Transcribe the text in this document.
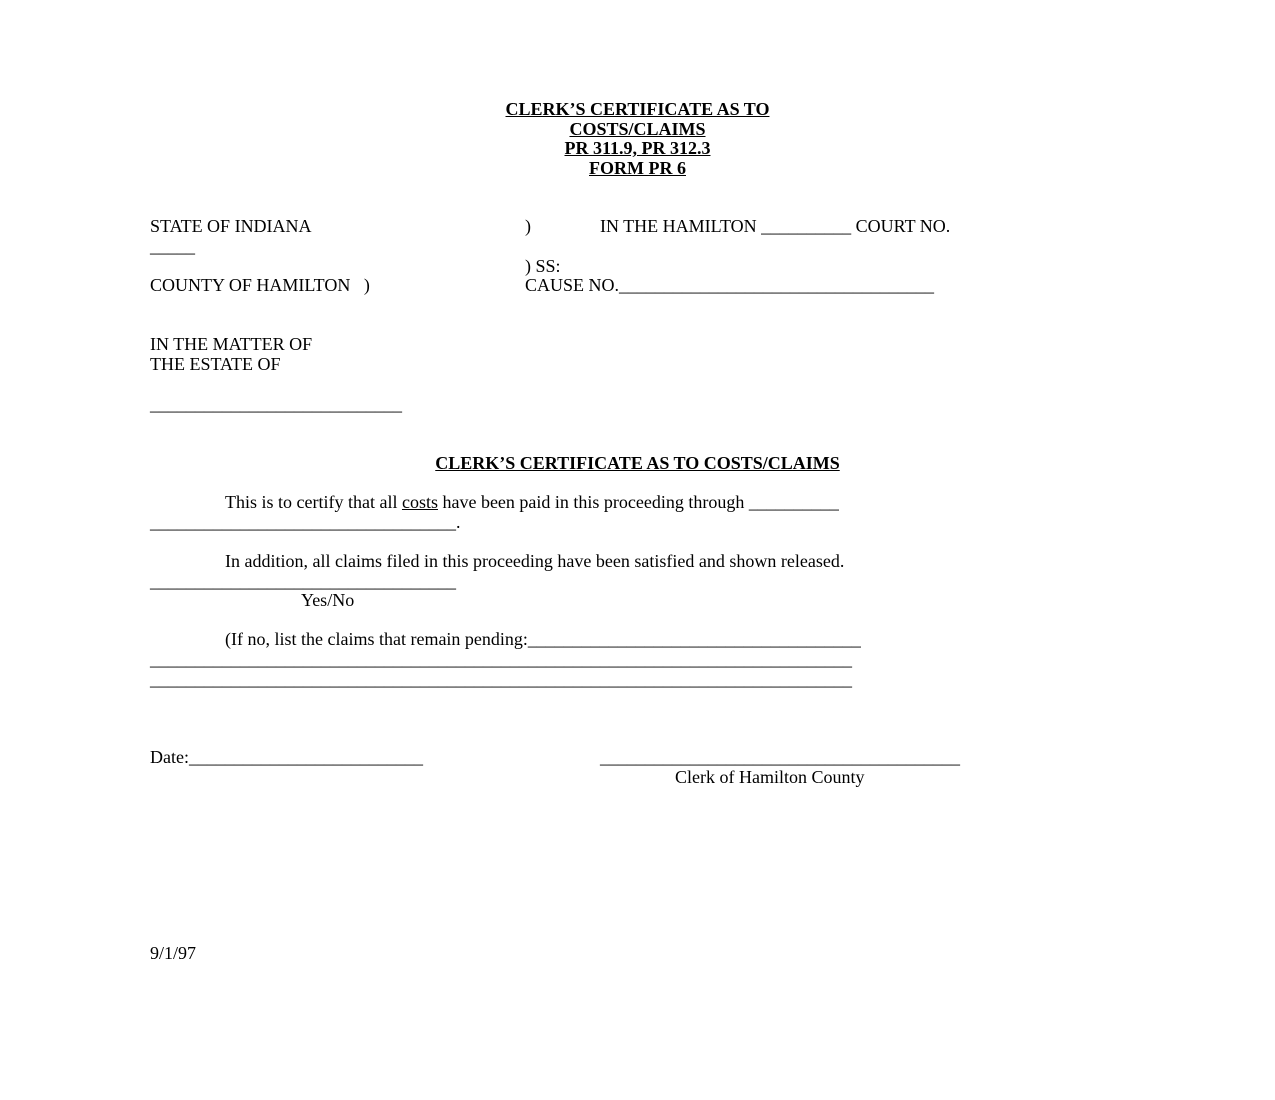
CLERK’S CERTIFICATE AS TO
COSTS/CLAIMS
PR 311.9, PR 312.3
FORM PR 6
STATE OF INDIANA	)	IN THE HAMILTON __________ COURT NO.
_____
) SS:
COUNTY OF HAMILTON   )	CAUSE NO.___________________________________
IN THE MATTER OF
THE ESTATE OF
____________________________
CLERK’S CERTIFICATE AS TO COSTS/CLAIMS
This is to certify that all costs have been paid in this proceeding through __________
__________________________________.
In addition, all claims filed in this proceeding have been satisfied and shown released.
__________________________________
Yes/No
(If no, list the claims that remain pending:_____________________________________
______________________________________________________________________________
______________________________________________________________________________
Date:__________________________	________________________________________
Clerk of Hamilton County
9/1/97
